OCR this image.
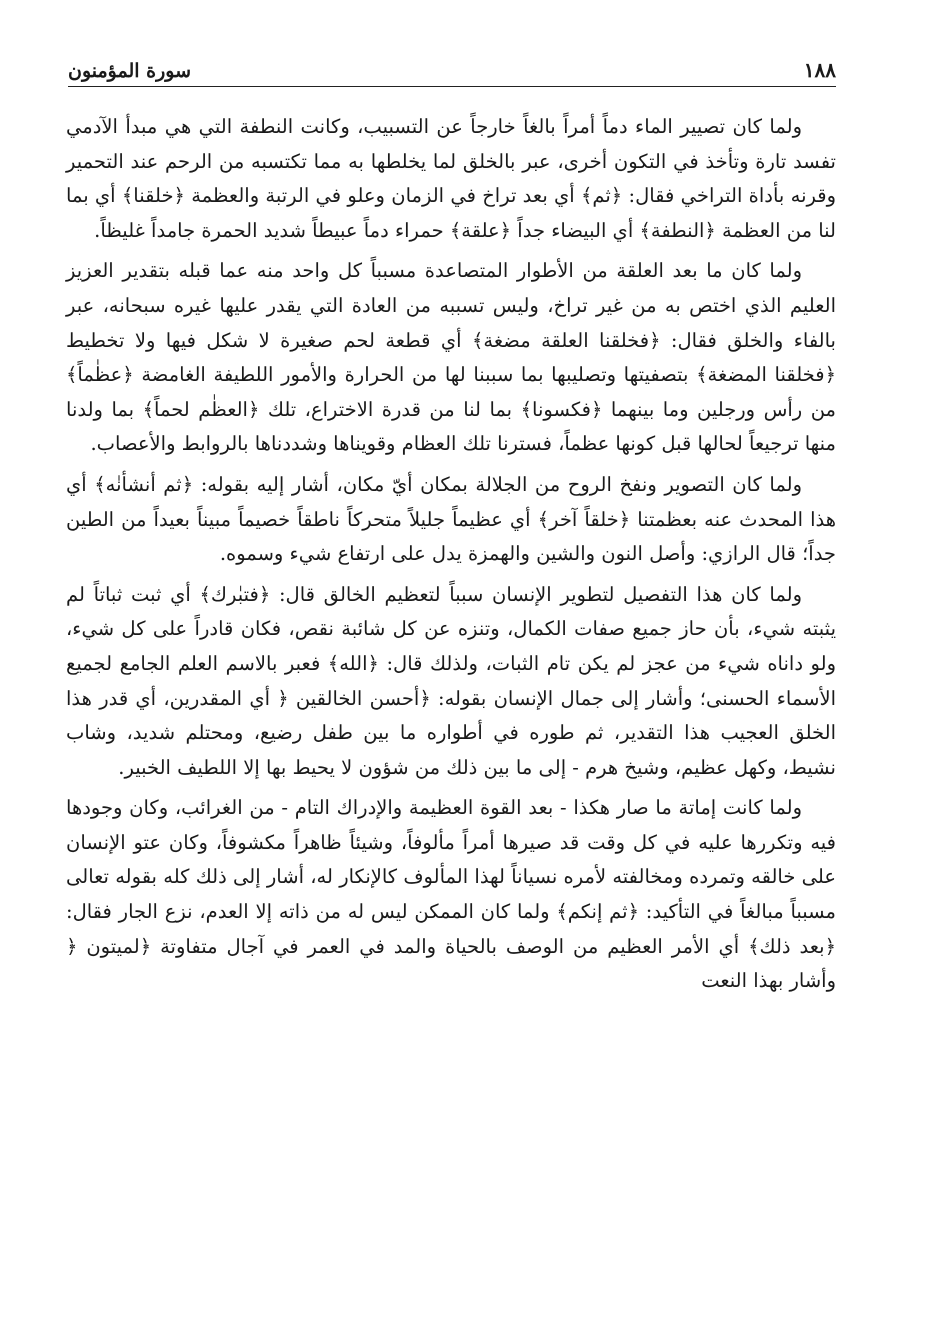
١٨٨
سورة المؤمنون

ولما كان تصيير الماء دماً أمراً بالغاً خارجاً عن التسبيب، وكانت النطفة التي هي مبدأ الآدمي تفسد تارة وتأخذ في التكون أخرى، عبر بالخلق لما يخلطها به مما تكتسبه من الرحم عند التحمير وقرنه بأداة التراخي فقال: ﴿ثم﴾ أي بعد تراخ في الزمان وعلو في الرتبة والعظمة ﴿خلقنا﴾ أي بما لنا من العظمة ﴿النطفة﴾ أي البيضاء جداً ﴿علقة﴾ حمراء دماً عبيطاً شديد الحمرة جامداً غليظاً.

ولما كان ما بعد العلقة من الأطوار المتصاعدة مسبباً كل واحد منه عما قبله بتقدير العزيز العليم الذي اختص به من غير تراخ، وليس تسببه من العادة التي يقدر عليها غيره سبحانه، عبر بالفاء والخلق فقال: ﴿فخلقنا العلقة مضغة﴾ أي قطعة لحم صغيرة لا شكل فيها ولا تخطيط ﴿فخلقنا المضغة﴾ بتصفيتها وتصليبها بما سببنا لها من الحرارة والأمور اللطيفة الغامضة ﴿عظٰماً﴾ من رأس ورجلين وما بينهما ﴿فكسونا﴾ بما لنا من قدرة الاختراع، تلك ﴿العظٰم لحماً﴾ بما ولدنا منها ترجيعاً لحالها قبل كونها عظماً، فسترنا تلك العظام وقويناها وشددناها بالروابط والأعصاب.

ولما كان التصوير ونفخ الروح من الجلالة بمكان أيّ مكان، أشار إليه بقوله: ﴿ثم أنشأنٰه﴾ أي هذا المحدث عنه بعظمتنا ﴿خلقاً آخر﴾ أي عظيماً جليلاً متحركاً ناطقاً خصيماً مبيناً بعيداً من الطين جداً؛ قال الرازي: وأصل النون والشين والهمزة يدل على ارتفاع شيء وسموه.

ولما كان هذا التفصيل لتطوير الإنسان سبباً لتعظيم الخالق قال: ﴿فتبٰرك﴾ أي ثبت ثباتاً لم يثبته شيء، بأن حاز جميع صفات الكمال، وتنزه عن كل شائبة نقص، فكان قادراً على كل شيء، ولو داناه شيء من عجز لم يكن تام الثبات، ولذلك قال: ﴿الله﴾ فعبر بالاسم العلم الجامع لجميع الأسماء الحسنى؛ وأشار إلى جمال الإنسان بقوله: ﴿أحسن الخالقين ﴿ أي المقدرين، أي قدر هذا الخلق العجيب هذا التقدير، ثم طوره في أطواره ما بين طفل رضيع، ومحتلم شديد، وشاب نشيط، وكهل عظيم، وشيخ هرم - إلى ما بين ذلك من شؤون لا يحيط بها إلا اللطيف الخبير.

ولما كانت إماتة ما صار هكذا - بعد القوة العظيمة والإدراك التام - من الغرائب، وكان وجودها فيه وتكررها عليه في كل وقت قد صيرها أمراً مألوفاً، وشيئاً ظاهراً مكشوفاً، وكان عتو الإنسان على خالقه وتمرده ومخالفته لأمره نسياناً لهذا المألوف كالإنكار له، أشار إلى ذلك كله بقوله تعالى مسبباً مبالغاً في التأكيد: ﴿ثم إنكم﴾ ولما كان الممكن ليس له من ذاته إلا العدم، نزع الجار فقال: ﴿بعد ذلك﴾ أي الأمر العظيم من الوصف بالحياة والمد في العمر في آجال متفاوتة ﴿لميتون ﴿ وأشار بهذا النعت
